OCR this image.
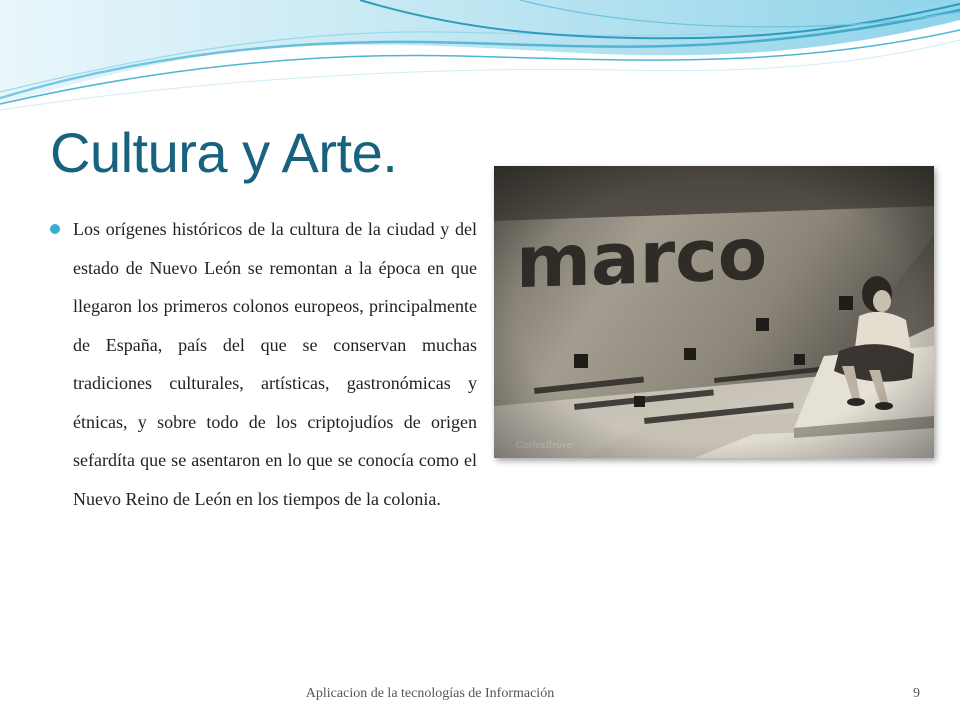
Cultura y Arte.

Los orígenes históricos de la cultura de la ciudad y del estado de Nuevo León se remontan a la época en que llegaron los primeros colonos europeos, principalmente de España, país del que se conservan muchas tradiciones culturales, artísticas, gastronómicas y étnicas, y sobre todo de los criptojudíos de origen sefardíta que se asentaron en lo que se conocía como el Nuevo Reino de León en los tiempos de la colonia.

Aplicacion de la tecnologías de Información	9
